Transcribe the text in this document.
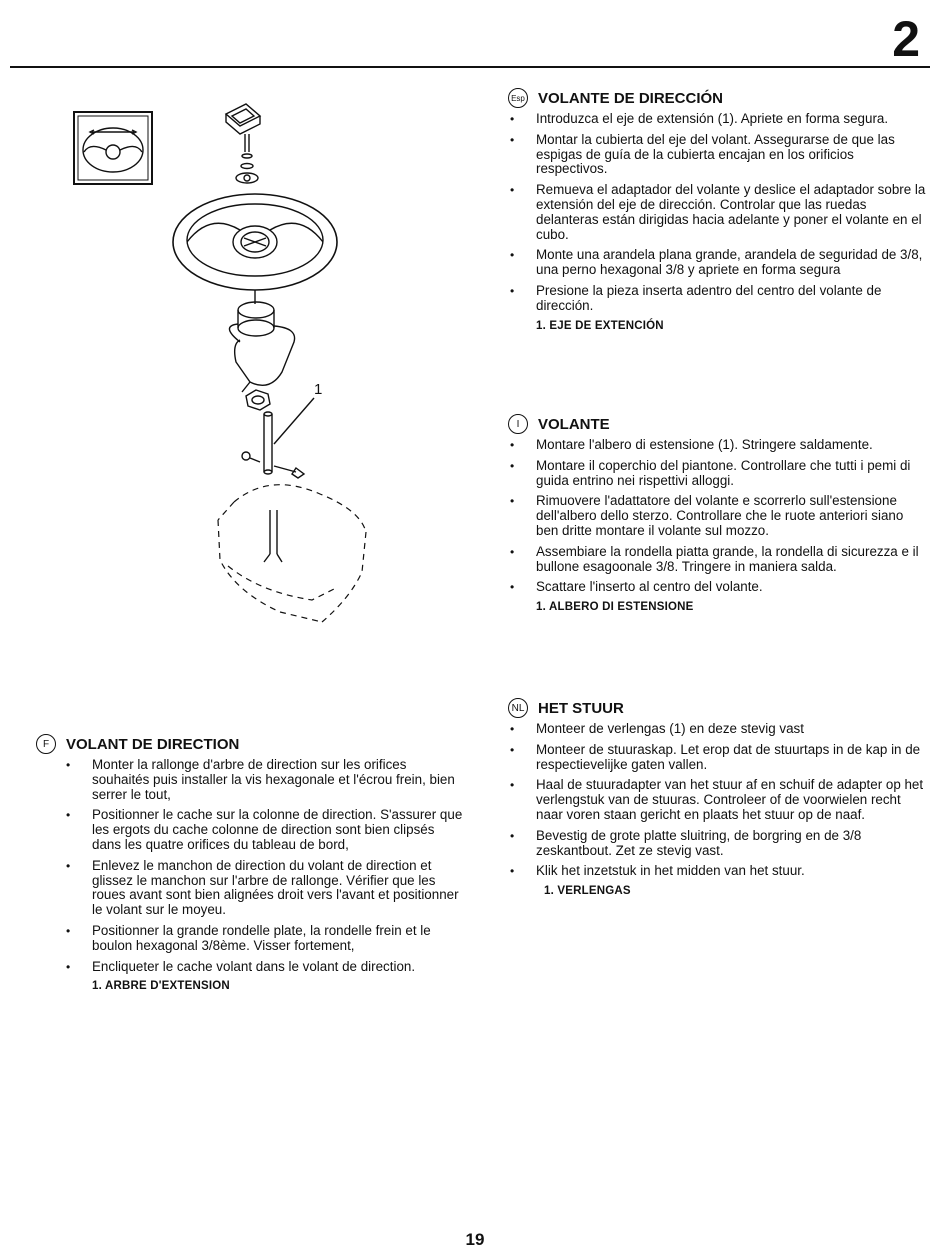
2
1
Esp VOLANTE DE DIRECCIÓN
• Introduzca el eje de extensión (1). Apriete en forma segura.
• Montar la cubierta del eje del volant. Assegurarse de que las espigas de guía de la cubierta encajan en los orificios respectivos.
• Remueva el adaptador del volante y deslice el adaptador sobre la extensión del eje de dirección. Controlar que las ruedas delanteras están dirigidas hacia adelante y poner el volante en el cubo.
• Monte una arandela plana grande, arandela de seguridad de 3/8, una perno hexagonal 3/8 y apriete en forma segura
• Presione la pieza inserta adentro del centro del volante de dirección.
1. EJE DE EXTENCIÓN
I	VOLANTE
• Montare l'albero di estensione (1). Stringere saldamente.
• Montare il coperchio del piantone. Controllare che tutti i pemi di guida entrino nei rispettivi alloggi.
• Rimuovere l'adattatore del volante e scorrerlo sull'estensione dell'albero dello sterzo. Controllare che le ruote anteriori siano ben dritte montare il volante sul mozzo.
• Assembiare la rondella piatta grande, la rondella di sicurezza e il bullone esagoonale 3/8. Tringere in maniera salda.
• Scattare l'inserto al centro del volante.
1. ALBERO DI ESTENSIONE
NL HET STUUR
• Monteer de verlengas (1) en deze stevig vast
• Monteer de stuuraskap. Let erop dat de stuurtaps in de kap in de respectievelijke gaten vallen.
• Haal de stuuradapter van het stuur af en schuif de adapter op het verlengstuk van de stuuras. Controleer of de voorwielen recht naar voren staan gericht en plaats het stuur op de naaf.
• Bevestig de grote platte sluitring, de borgring en de 3/8 zeskantbout. Zet ze stevig vast.
• Klik het inzetstuk in het midden van het stuur.
1. VERLENGAS
F	VOLANT DE DIRECTION
• Monter la rallonge d'arbre de direction sur les orifices souhaités puis installer la vis hexagonale et l'écrou frein, bien serrer le tout,
• Positionner le cache sur la colonne de direction. S'assurer que les ergots du cache colonne de direction sont bien clipsés dans les quatre orifices du tableau de bord,
• Enlevez le manchon de direction du volant de direction et glissez le manchon sur l'arbre de rallonge. Vérifier que les roues avant sont bien alignées droit vers l'avant et positionner le volant sur le moyeu.
• Positionner la grande rondelle plate, la rondelle frein et le boulon hexagonal 3/8ème. Visser fortement,
• Encliqueter le cache volant dans le volant de direction.
1. ARBRE D'EXTENSION
19
